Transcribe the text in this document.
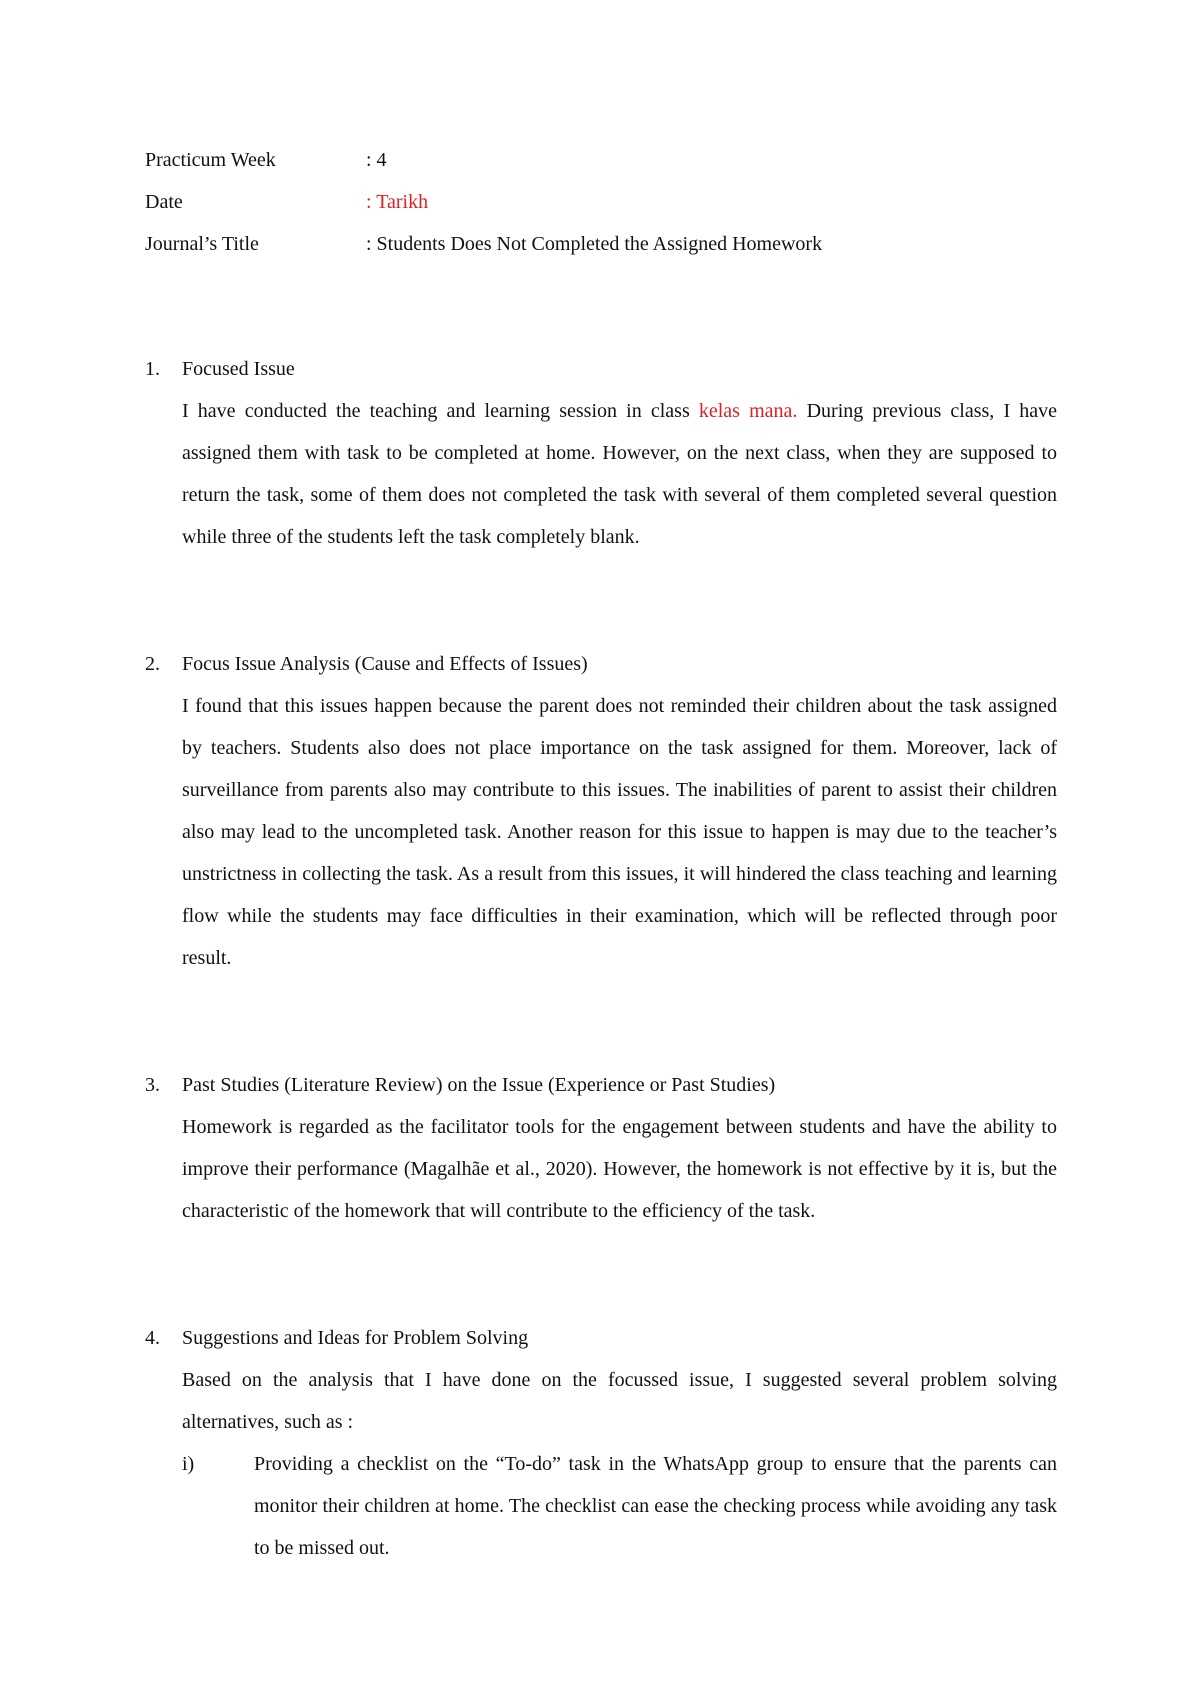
Practicum Week	: 4
Date	: Tarikh
Journal’s Title	: Students Does Not Completed the Assigned Homework
1.	Focused Issue
I have conducted the teaching and learning session in class kelas mana. During previous class, I have assigned them with task to be completed at home. However, on the next class, when they are supposed to return the task, some of them does not completed the task with several of them completed several question while three of the students left the task completely blank.
2.	Focus Issue Analysis (Cause and Effects of Issues)
I found that this issues happen because the parent does not reminded their children about the task assigned by teachers. Students also does not place importance on the task assigned for them. Moreover, lack of surveillance from parents also may contribute to this issues. The inabilities of parent to assist their children also may lead to the uncompleted task. Another reason for this issue to happen is may due to the teacher’s unstrictness in collecting the task. As a result from this issues, it will hindered the class teaching and learning flow while the students may face difficulties in their examination, which will be reflected through poor result.
3.	Past Studies (Literature Review) on the Issue (Experience or Past Studies)
Homework is regarded as the facilitator tools for the engagement between students and have the ability to improve their performance (Magalhãe et al., 2020). However, the homework is not effective by it is, but the characteristic of the homework that will contribute to the efficiency of the task.
4.	Suggestions and Ideas for Problem Solving
Based on the analysis that I have done on the focussed issue, I suggested several problem solving alternatives, such as :
i)	Providing a checklist on the “To-do” task in the WhatsApp group to ensure that the parents can monitor their children at home. The checklist can ease the checking process while avoiding any task to be missed out.
